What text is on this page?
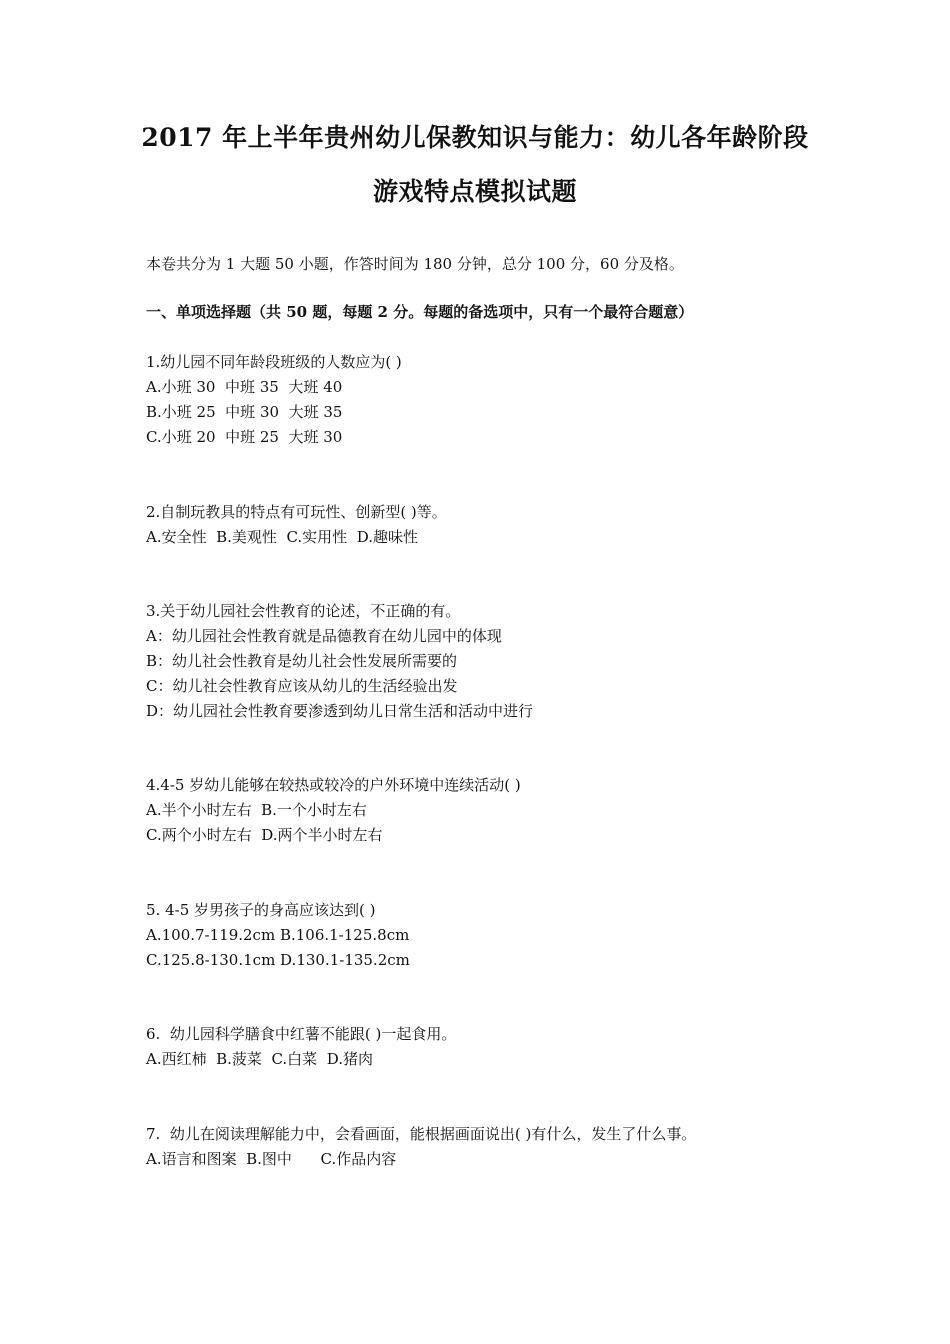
2017 年上半年贵州幼儿保教知识与能力：幼儿各年龄阶段
游戏特点模拟试题
本卷共分为 1 大题 50 小题，作答时间为 180 分钟，总分 100 分，60 分及格。
一、单项选择题（共 50 题，每题 2 分。每题的备选项中，只有一个最符合题意）
1.幼儿园不同年龄段班级的人数应为( )
A.小班 30  中班 35  大班 40
B.小班 25  中班 30  大班 35
C.小班 20  中班 25  大班 30
2.自制玩教具的特点有可玩性、创新型( )等。
A.安全性  B.美观性  C.实用性  D.趣味性
3.关于幼儿园社会性教育的论述，不正确的有。
A：幼儿园社会性教育就是品德教育在幼儿园中的体现
B：幼儿社会性教育是幼儿社会性发展所需要的
C：幼儿社会性教育应该从幼儿的生活经验出发
D：幼儿园社会性教育要渗透到幼儿日常生活和活动中进行
4.4-5 岁幼儿能够在较热或较冷的户外环境中连续活动( )
A.半个小时左右  B.一个小时左右
C.两个小时左右  D.两个半小时左右
5. 4-5 岁男孩子的身高应该达到( )
A.100.7-119.2cm B.106.1-125.8cm
C.125.8-130.1cm D.130.1-135.2cm
6.  幼儿园科学膳食中红薯不能跟( )一起食用。
A.西红柿  B.菠菜  C.白菜  D.猪肉
7.  幼儿在阅读理解能力中，会看画面，能根据画面说出( )有什么，发生了什么事。
A.语言和图案  B.图中      C.作品内容
